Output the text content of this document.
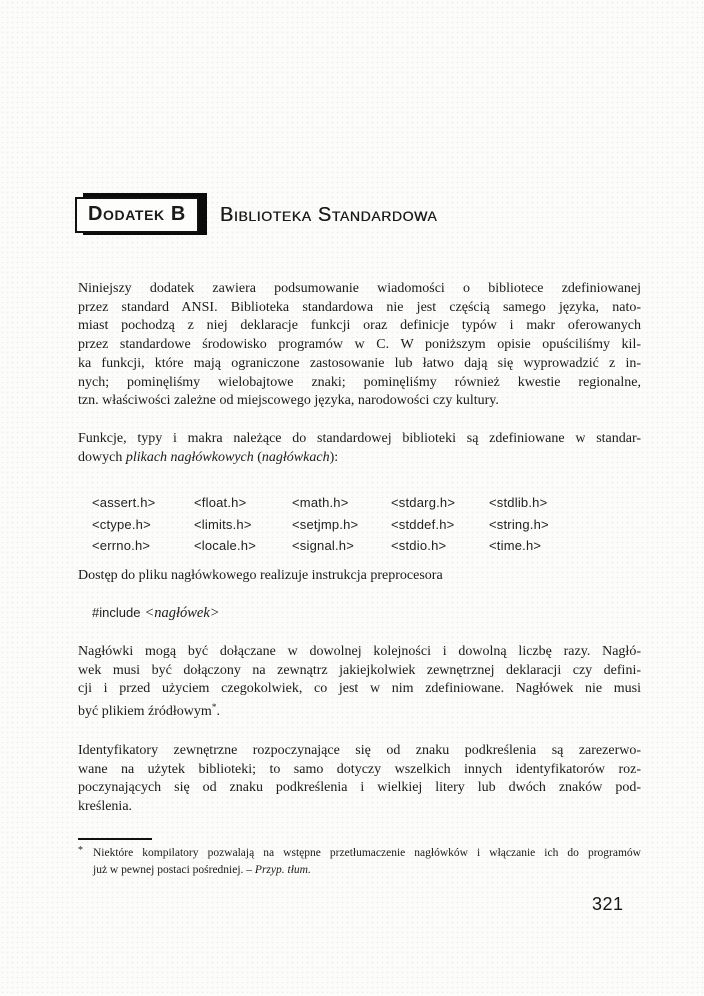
Dodatek B	Biblioteka Standardowa
Niniejszy dodatek zawiera podsumowanie wiadomości o bibliotece zdefiniowanej
przez standard ANSI. Biblioteka standardowa nie jest częścią samego języka, nato-
miast pochodzą z niej deklaracje funkcji oraz definicje typów i makr oferowanych
przez standardowe środowisko programów w C. W poniższym opisie opuściliśmy kil-
ka funkcji, które mają ograniczone zastosowanie lub łatwo dają się wyprowadzić z in-
nych; pominęliśmy wielobajtowe znaki; pominęliśmy również kwestie regionalne,
tzn. właściwości zależne od miejscowego języka, narodowości czy kultury.
Funkcje, typy i makra należące do standardowej biblioteki są zdefiniowane w standar-
dowych plikach nagłówkowych (nagłówkach):
<assert.h>	<float.h>	<math.h>	<stdarg.h>	<stdlib.h>
<ctype.h>	<limits.h>	<setjmp.h>	<stddef.h>	<string.h>
<errno.h>	<locale.h>	<signal.h>	<stdio.h>	<time.h>
Dostęp do pliku nagłówkowego realizuje instrukcja preprocesora
#include <nagłówek>
Nagłówki mogą być dołączane w dowolnej kolejności i dowolną liczbę razy. Nagłó-
wek musi być dołączony na zewnątrz jakiejkolwiek zewnętrznej deklaracji czy defini-
cji i przed użyciem czegokolwiek, co jest w nim zdefiniowane. Nagłówek nie musi
być plikiem źródłowym*.
Identyfikatory zewnętrzne rozpoczynające się od znaku podkreślenia są zarezerwo-
wane na użytek biblioteki; to samo dotyczy wszelkich innych identyfikatorów roz-
poczynających się od znaku podkreślenia i wielkiej litery lub dwóch znaków pod-
kreślenia.
* Niektóre kompilatory pozwalają na wstępne przetłumaczenie nagłówków i włączanie ich do programów
już w pewnej postaci pośredniej. – Przyp. tłum.
321
